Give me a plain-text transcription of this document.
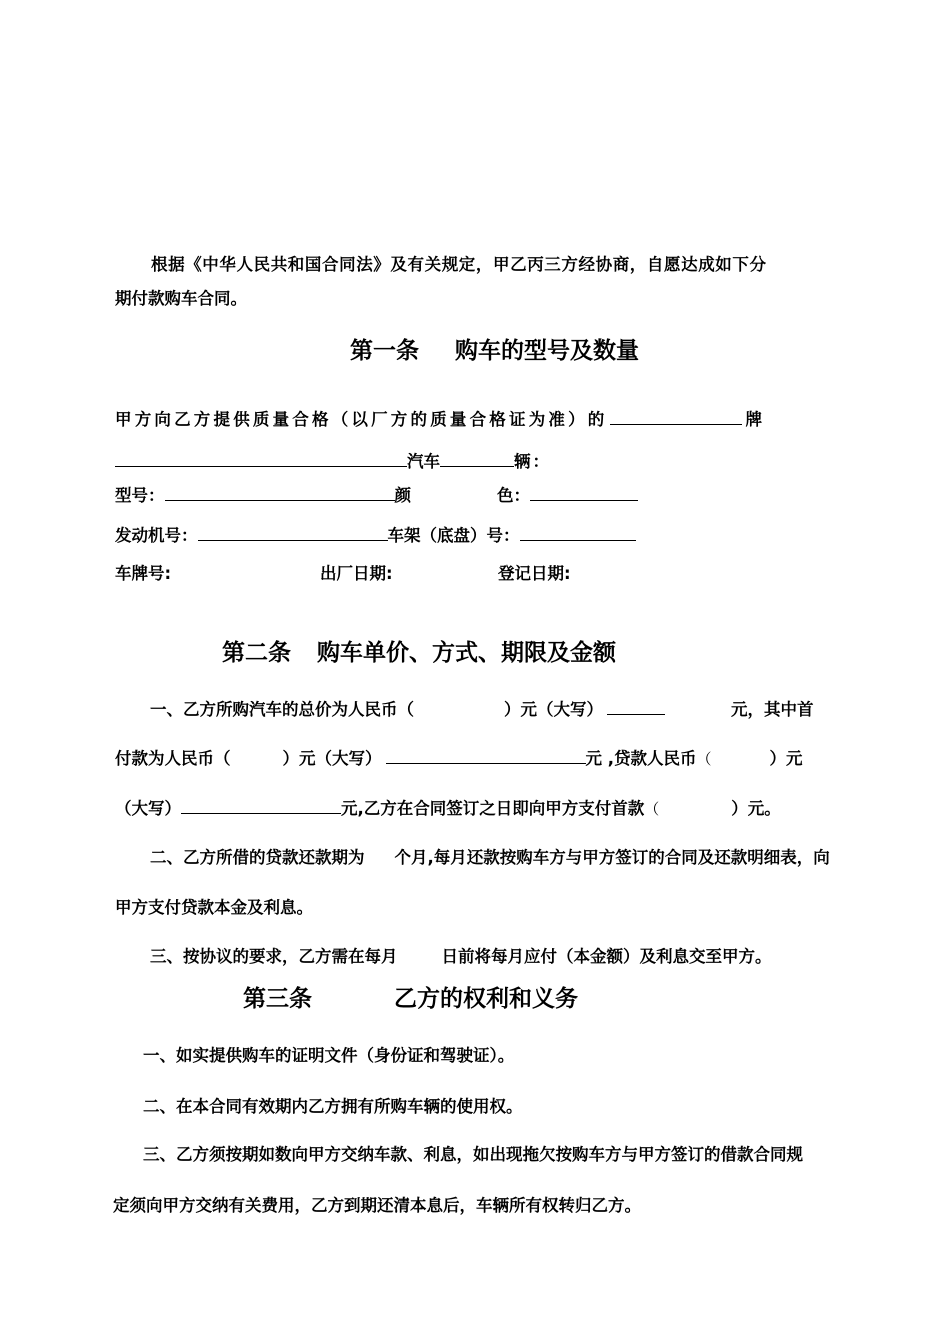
根据《中华人民共和国合同法》及有关规定，甲乙丙三方经协商，自愿达成如下分
期付款购车合同。
第一条 购车的型号及数量
甲方向乙方提供质量合格（以厂方的质量合格证为准）的	牌
汽车	辆：
型号：	颜	色：
发动机号：	车架（底盘）号：
车牌号:	出厂日期:	登记日期:
第二条 购车单价、方式、期限及金额
一、乙方所购汽车的总价为人民币（	）元（大写）	元，其中首
付款为人民币（	）元（大写）	元 ,贷款人民币（	）元
（大写）	元,乙方在合同签订之日即向甲方支付首款（	）元。
二、乙方所借的贷款还款期为 个月,每月还款按购车方与甲方签订的合同及还款明细表，向
甲方支付贷款本金及利息。
三、按协议的要求，乙方需在每月	日前将每月应付（本金额）及利息交至甲方。
第三条	乙方的权利和义务
一、如实提供购车的证明文件（身份证和驾驶证）。
二、在本合同有效期内乙方拥有所购车辆的使用权。
三、乙方须按期如数向甲方交纳车款、利息，如出现拖欠按购车方与甲方签订的借款合同规
定须向甲方交纳有关费用，乙方到期还清本息后，车辆所有权转归乙方。
